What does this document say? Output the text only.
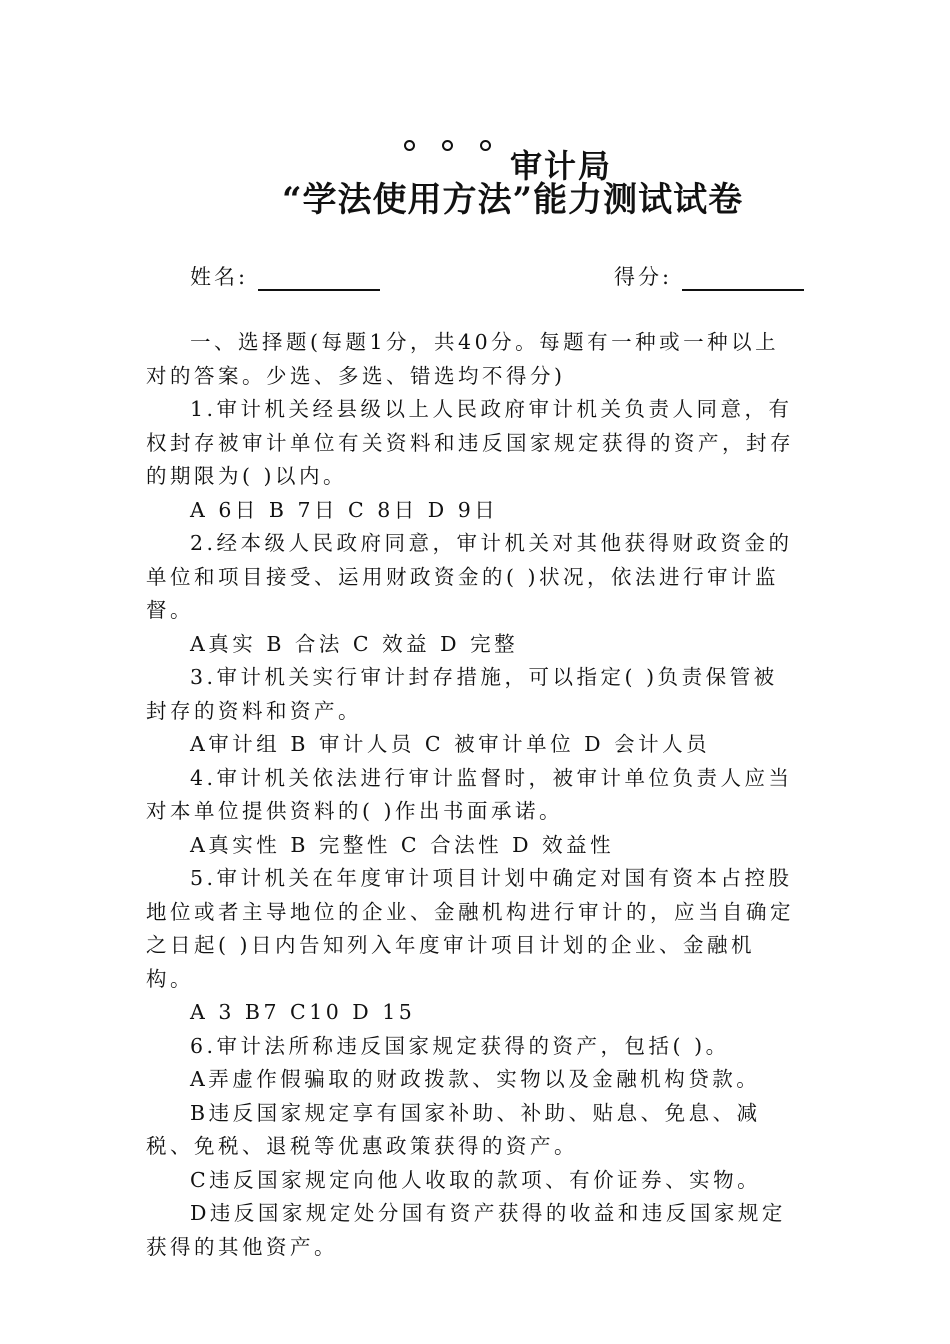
审计局
“学法使用方法”能力测试试卷
姓名:	得分:

一、选择题(每题1分，共40分。每题有一种或一种以上对的答案。少选、多选、错选均不得分)

1.审计机关经县级以上人民政府审计机关负责人同意，有权封存被审计单位有关资料和违反国家规定获得的资产，封存的期限为( )以内。

A 6日 B 7日 C 8日 D 9日

2.经本级人民政府同意，审计机关对其他获得财政资金的单位和项目接受、运用财政资金的( )状况，依法进行审计监督。

A真实 B 合法 C 效益 D 完整

3.审计机关实行审计封存措施，可以指定( )负责保管被封存的资料和资产。

A审计组 B 审计人员 C 被审计单位 D 会计人员

4.审计机关依法进行审计监督时，被审计单位负责人应当对本单位提供资料的( )作出书面承诺。

A真实性 B 完整性 C 合法性 D 效益性

5.审计机关在年度审计项目计划中确定对国有资本占控股地位或者主导地位的企业、金融机构进行审计的，应当自确定之日起( )日内告知列入年度审计项目计划的企业、金融机构。

A 3 B7 C10 D 15

6.审计法所称违反国家规定获得的资产，包括( )。

A弄虚作假骗取的财政拨款、实物以及金融机构贷款。

B违反国家规定享有国家补助、补助、贴息、免息、减税、免税、退税等优惠政策获得的资产。

C违反国家规定向他人收取的款项、有价证券、实物。

D违反国家规定处分国有资产获得的收益和违反国家规定获得的其他资产。
